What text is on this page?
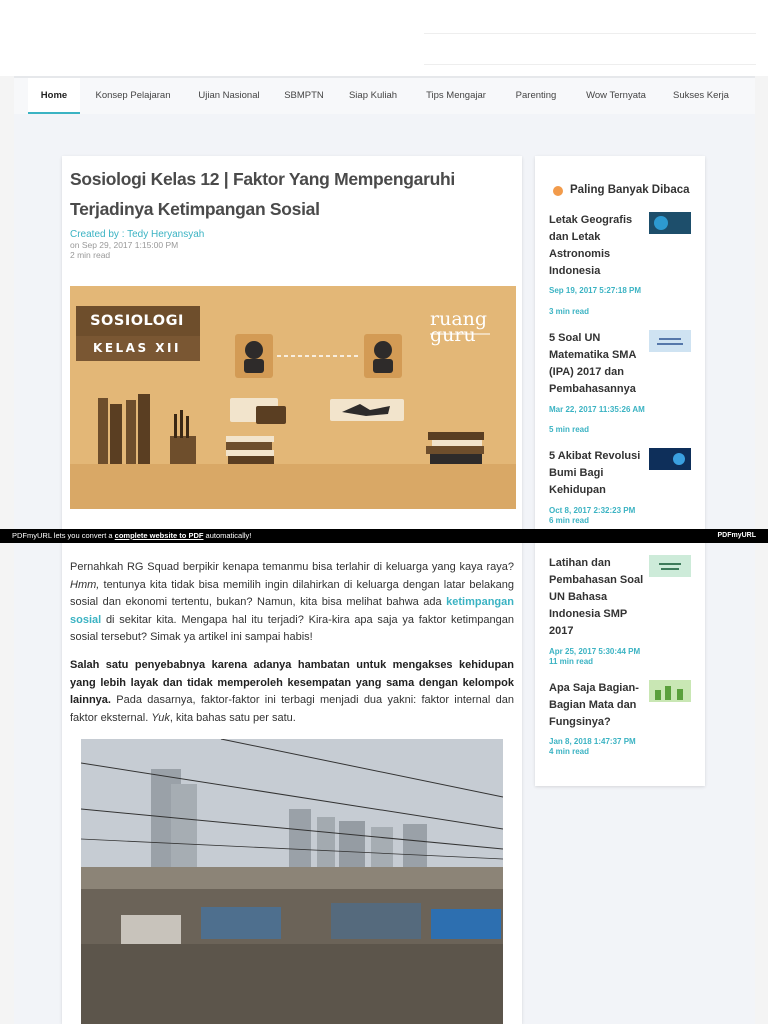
Home	Konsep Pelajaran	Ujian Nasional	SBMPTN	Siap Kuliah	Tips Mengajar	Parenting	Wow Ternyata	Sukses Kerja
Sosiologi Kelas 12 | Faktor Yang Mempengaruhi Terjadinya Ketimpangan Sosial
Created by : Tedy Heryansyah
on Sep 29, 2017 1:15:00 PM
2 min read
SOSIOLOGI
KELAS XII
ruang
guru

Pernahkah RG Squad berpikir kenapa temanmu bisa terlahir di keluarga yang kaya raya? Hmm, tentunya kita tidak bisa memilih ingin dilahirkan di keluarga dengan latar belakang sosial dan ekonomi tertentu, bukan? Namun, kita bisa melihat bahwa ada ketimpangan sosial di sekitar kita. Mengapa hal itu terjadi? Kira-kira apa saja ya faktor ketimpangan sosial tersebut? Simak ya artikel ini sampai habis!

Salah satu penyebabnya karena adanya hambatan untuk mengakses kehidupan yang lebih layak dan tidak memperoleh kesempatan yang sama dengan kelompok lainnya. Pada dasarnya, faktor-faktor ini terbagi menjadi dua yakni: faktor internal dan faktor eksternal. Yuk, kita bahas satu per satu.

Paling Banyak Dibaca
Letak Geografis dan Letak Astronomis Indonesia
Sep 19, 2017 5:27:18 PM
3 min read
5 Soal UN Matematika SMA (IPA) 2017 dan Pembahasannya
Mar 22, 2017 11:35:26 AM
5 min read
5 Akibat Revolusi Bumi Bagi Kehidupan
Oct 8, 2017 2:32:23 PM
6 min read
Latihan dan Pembahasan Soal UN Bahasa Indonesia SMP 2017
Apr 25, 2017 5:30:44 PM
11 min read
Apa Saja Bagian-Bagian Mata dan Fungsinya?
Jan 8, 2018 1:47:37 PM
4 min read
PDFmyURL lets you convert a complete website to PDF automatically!	PDFmyURL
